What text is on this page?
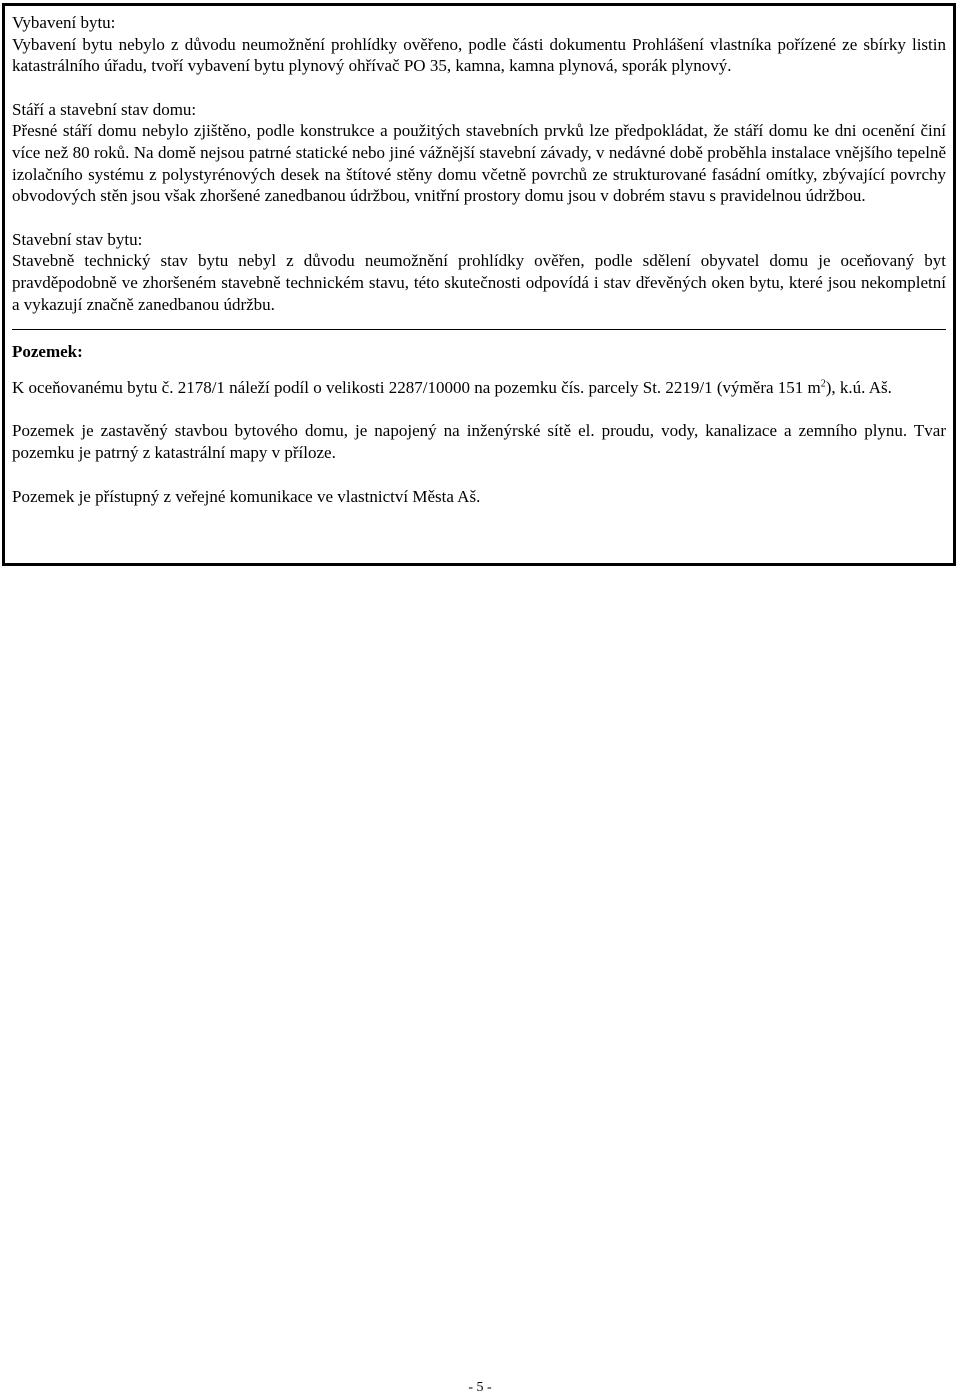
Vybavení bytu:

Vybavení bytu nebylo z důvodu neumožnění prohlídky ověřeno, podle části dokumentu Prohlášení vlastníka pořízené ze sbírky listin katastrálního úřadu, tvoří vybavení bytu plynový ohřívač PO 35, kamna, kamna plynová, sporák plynový.

Stáří a stavební stav domu:

Přesné stáří domu nebylo zjištěno, podle konstrukce a použitých stavebních prvků lze předpokládat, že stáří domu ke dni ocenění činí více než 80 roků. Na domě nejsou patrné statické nebo jiné vážnější stavební závady, v nedávné době proběhla instalace vnějšího tepelně izolačního systému z polystyrénových desek na štítové stěny domu včetně povrchů ze strukturované fasádní omítky, zbývající povrchy obvodových stěn jsou však zhoršené zanedbanou údržbou, vnitřní prostory domu jsou v dobrém stavu s pravidelnou údržbou.

Stavební stav bytu:

Stavebně technický stav bytu nebyl z důvodu neumožnění prohlídky ověřen, podle sdělení obyvatel domu je oceňovaný byt pravděpodobně ve zhoršeném stavebně technickém stavu, této skutečnosti odpovídá i stav dřevěných oken bytu, které jsou nekompletní a vykazují značně zanedbanou údržbu.

Pozemek:

K oceňovanému bytu č. 2178/1 náleží podíl o velikosti 2287/10000 na pozemku čís. parcely St. 2219/1 (výměra 151 $m^2$), k.ú. Aš.

Pozemek je zastavěný stavbou bytového domu, je napojený na inženýrské sítě el. proudu, vody, kanalizace a zemního plynu. Tvar pozemku je patrný z katastrální mapy v příloze.

Pozemek je přístupný z veřejné komunikace ve vlastnictví Města Aš.

- 5 -
